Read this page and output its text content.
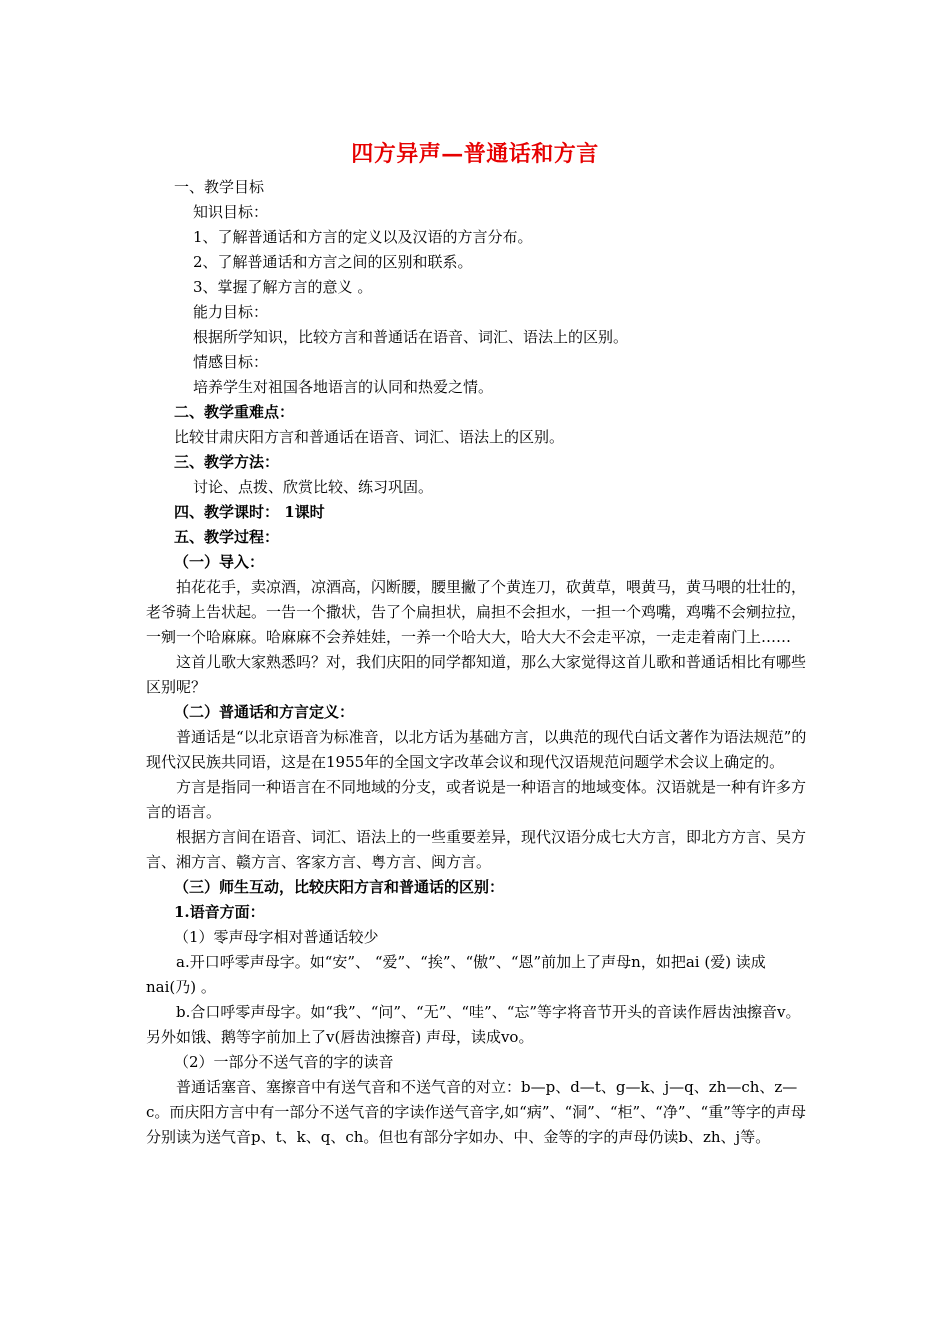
四方异声—普通话和方言

一、教学目标

知识目标：

1、了解普通话和方言的定义以及汉语的方言分布。

2、了解普通话和方言之间的区别和联系。

3、掌握了解方言的意义 。

能力目标：

根据所学知识，比较方言和普通话在语音、词汇、语法上的区别。

情感目标：

培养学生对祖国各地语言的认同和热爱之情。

二、教学重难点：

比较甘肃庆阳方言和普通话在语音、词汇、语法上的区别。

三、教学方法：

讨论、点拨、欣赏比较、练习巩固。

四、教学课时： 1课时

五、教学过程：

（一）导入：

拍花花手，卖凉酒，凉酒高，闪断腰，腰里撇了个黄连刀，砍黄草，喂黄马，黄马喂的壮壮的，老爷骑上告状起。一告一个撒状，告了个扁担状，扁担不会担水，一担一个鸡嘴，鸡嘴不会剜拉拉，一剜一个哈麻麻。哈麻麻不会养娃娃，一养一个哈大大，哈大大不会走平凉，一走走着南门上……

这首儿歌大家熟悉吗？对，我们庆阳的同学都知道，那么大家觉得这首儿歌和普通话相比有哪些区别呢？

（二）普通话和方言定义：

普通话是“以北京语音为标准音，以北方话为基础方言，以典范的现代白话文著作为语法规范”的现代汉民族共同语，这是在1955年的全国文字改革会议和现代汉语规范问题学术会议上确定的。

方言是指同一种语言在不同地域的分支，或者说是一种语言的地域变体。汉语就是一种有许多方言的语言。

根据方言间在语音、词汇、语法上的一些重要差异，现代汉语分成七大方言，即北方方言、吴方言、湘方言、赣方言、客家方言、粤方言、闽方言。

（三）师生互动，比较庆阳方言和普通话的区别：

1.语音方面：

（1）零声母字相对普通话较少

a.开口呼零声母字。如“安”、 “爱”、“挨”、“傲”、“恩”前加上了声母n，如把ai (爱) 读成nai(乃) 。

b.合口呼零声母字。如“我”、“问”、“无”、“哇”、“忘”等字将音节开头的音读作唇齿浊擦音v。另外如饿、鹅等字前加上了v(唇齿浊擦音) 声母，读成vo。

（2）一部分不送气音的字的读音

普通话塞音、塞擦音中有送气音和不送气音的对立：b—p、d—t、g—k、j—q、zh—ch、z—c。而庆阳方言中有一部分不送气音的字读作送气音字,如“病”、“洞”、“柜”、“净”、“重”等字的声母分别读为送气音p、t、k、q、ch。但也有部分字如办、中、金等的字的声母仍读b、zh、j等。
